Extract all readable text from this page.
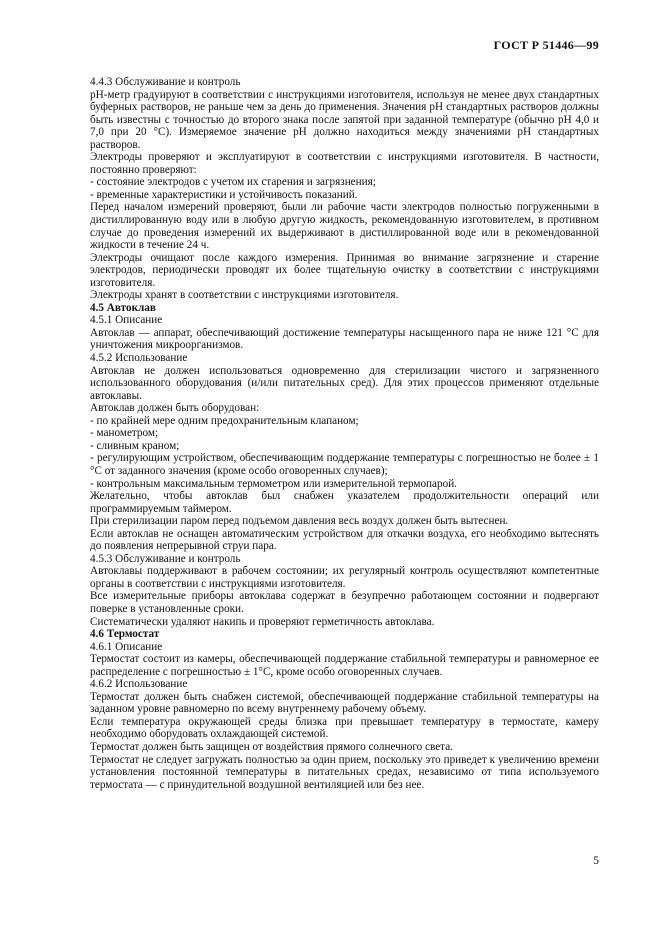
ГОСТ Р 51446—99

4.4.3 Обслуживание и контроль

рН-метр градуируют в соответствии с инструкциями изготовителя, используя не менее двух стандартных буферных растворов, не раньше чем за день до применения. Значения рН стандартных растворов должны быть известны с точностью до второго знака после запятой при заданной температуре (обычно рН 4,0 и 7,0 при 20 °С). Измеряемое значение рН должно находиться между значениями рН стандартных растворов.

Электроды проверяют и эксплуатируют в соответствии с инструкциями изготовителя. В частности, постоянно проверяют:

- состояние электродов с учетом их старения и загрязнения;

- временные характеристики и устойчивость показаний.

Перед началом измерений проверяют, были ли рабочие части электродов полностью погруженными в дистиллированную воду или в любую другую жидкость, рекомендованную изготовителем, в противном случае до проведения измерений их выдерживают в дистиллированной воде или в рекомендованной жидкости в течение 24 ч.

Электроды очищают после каждого измерения. Принимая во внимание загрязнение и старение электродов, периодически проводят их более тщательную очистку в соответствии с инструкциями изготовителя.

Электроды хранят в соответствии с инструкциями изготовителя.

4.5 Автоклав

4.5.1 Описание

Автоклав — аппарат, обеспечивающий достижение температуры насыщенного пара не ниже 121 °С для уничтожения микроорганизмов.

4.5.2 Использование

Автоклав не должен использоваться одновременно для стерилизации чистого и загрязненного использованного оборудования (и/или питательных сред). Для этих процессов применяют отдельные автоклавы.

Автоклав должен быть оборудован:

- по крайней мере одним предохранительным клапаном;

- манометром;

- сливным краном;

- регулирующим устройством, обеспечивающим поддержание температуры с погрешностью не более ± 1 °С от заданного значения (кроме особо оговоренных случаев);

- контрольным максимальным термометром или измерительной термопарой.

Желательно, чтобы автоклав был снабжен указателем продолжительности операций или программируемым таймером.

При стерилизации паром перед подъемом давления весь воздух должен быть вытеснен.

Если автоклав не оснащен автоматическим устройством для откачки воздуха, его необходимо вытеснять до появления непрерывной струи пара.

4.5.3 Обслуживание и контроль

Автоклавы поддерживают в рабочем состоянии; их регулярный контроль осуществляют компетентные органы в соответствии с инструкциями изготовителя.

Все измерительные приборы автоклава содержат в безупречно работающем состоянии и подвергают поверке в установленные сроки.

Систематически удаляют накипь и проверяют герметичность автоклава.

4.6 Термостат

4.6.1 Описание

Термостат состоит из камеры, обеспечивающей поддержание стабильной температуры и равномерное ее распределение с погрешностью ± 1°С, кроме особо оговоренных случаев.

4.6.2 Использование

Термостат должен быть снабжен системой, обеспечивающей поддержание стабильной температуры на заданном уровне равномерно по всему внутреннему рабочему объему.

Если температура окружающей среды близка при превышает температуру в термостате, камеру необходимо оборудовать охлаждающей системой.

Термостат должен быть защищен от воздействия прямого солнечного света.

Термостат не следует загружать полностью за один прием, поскольку это приведет к увеличению времени установления постоянной температуры в питательных средах, независимо от типа используемого термостата — с принудительной воздушной вентиляцией или без нее.

5
